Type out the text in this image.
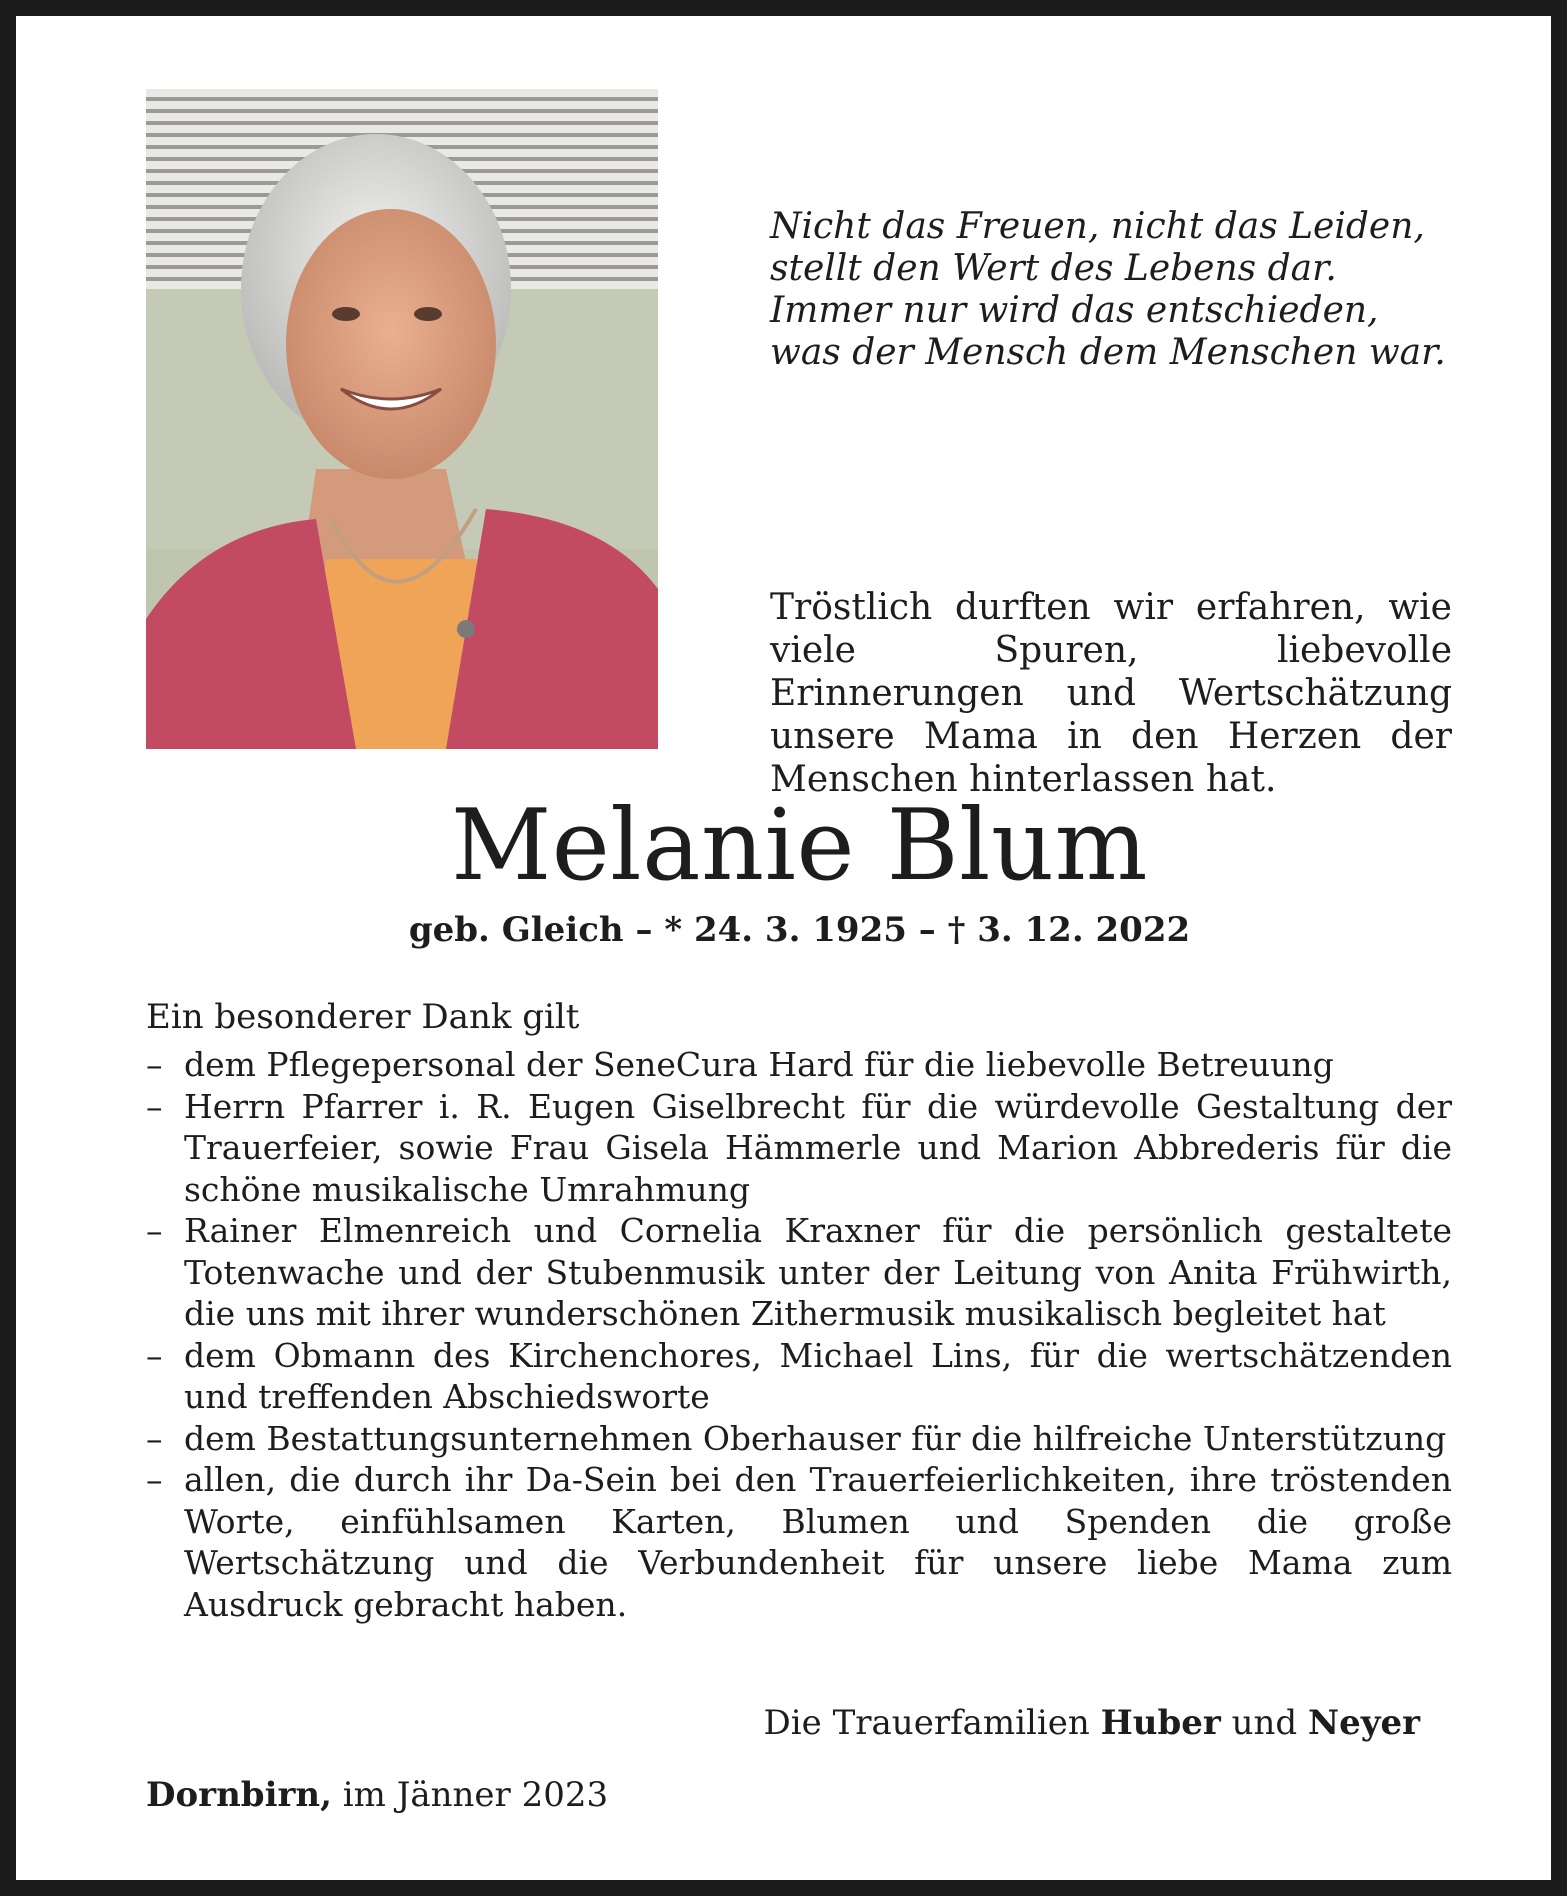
Nicht das Freuen, nicht das Leiden,
stellt den Wert des Lebens dar.
Immer nur wird das entschieden,
was der Mensch dem Menschen war.
Tröstlich durften wir erfahren, wie viele Spuren, liebevolle Erinnerungen und Wertschätzung unsere Mama in den Herzen der Menschen hinterlassen hat.
Melanie Blum
geb. Gleich – * 24. 3. 1925 – † 3. 12. 2022
Ein besonderer Dank gilt
– dem Pflegepersonal der SeneCura Hard für die liebevolle Betreuung
– Herrn Pfarrer i. R. Eugen Giselbrecht für die würdevolle Gestaltung der Trauerfeier, sowie Frau Gisela Hämmerle und Marion Abbrederis für die schöne musikalische Umrahmung
– Rainer Elmenreich und Cornelia Kraxner für die persönlich gestaltete Totenwache und der Stubenmusik unter der Leitung von Anita Frühwirth, die uns mit ihrer wunderschönen Zithermusik musikalisch begleitet hat
– dem Obmann des Kirchenchores, Michael Lins, für die wertschätzenden und treffenden Abschiedsworte
– dem Bestattungsunternehmen Oberhauser für die hilfreiche Unterstützung
– allen, die durch ihr Da-Sein bei den Trauerfeierlichkeiten, ihre tröstenden Worte, einfühlsamen Karten, Blumen und Spenden die große Wertschätzung und die Verbundenheit für unsere liebe Mama zum Ausdruck gebracht haben.
Die Trauerfamilien Huber und Neyer
Dornbirn, im Jänner 2023
